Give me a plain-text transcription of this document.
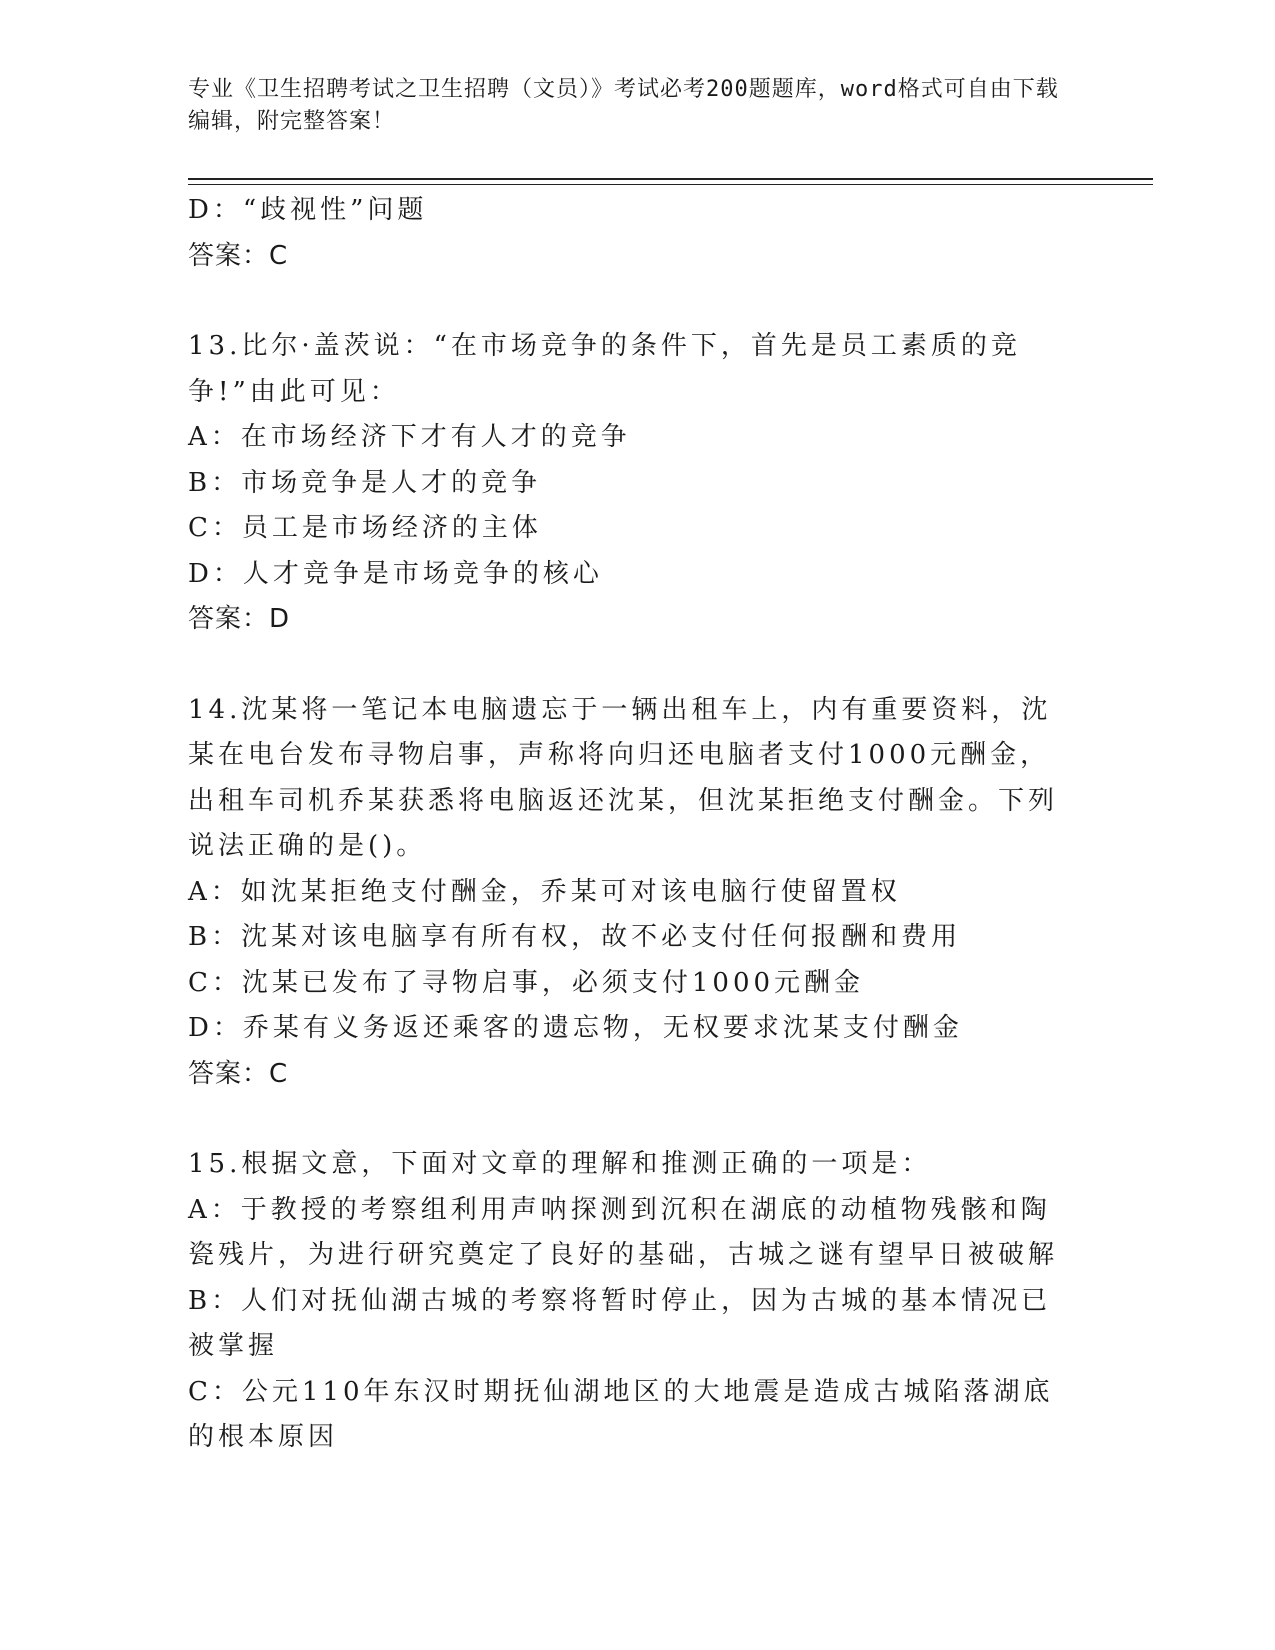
专业《卫生招聘考试之卫生招聘（文员）》考试必考200题题库，word格式可自由下载编辑，附完整答案！
D：“歧视性”问题
答案：C
13.比尔·盖茨说：“在市场竞争的条件下，首先是员工素质的竞争!”由此可见：
A：在市场经济下才有人才的竞争
B：市场竞争是人才的竞争
C：员工是市场经济的主体
D：人才竞争是市场竞争的核心
答案：D
14.沈某将一笔记本电脑遗忘于一辆出租车上，内有重要资料，沈某在电台发布寻物启事，声称将向归还电脑者支付1000元酬金，出租车司机乔某获悉将电脑返还沈某，但沈某拒绝支付酬金。下列说法正确的是()。
A：如沈某拒绝支付酬金，乔某可对该电脑行使留置权
B：沈某对该电脑享有所有权，故不必支付任何报酬和费用
C：沈某已发布了寻物启事，必须支付1000元酬金
D：乔某有义务返还乘客的遗忘物，无权要求沈某支付酬金
答案：C
15.根据文意，下面对文章的理解和推测正确的一项是：
A：于教授的考察组利用声呐探测到沉积在湖底的动植物残骸和陶瓷残片，为进行研究奠定了良好的基础，古城之谜有望早日被破解
B：人们对抚仙湖古城的考察将暂时停止，因为古城的基本情况已被掌握
C：公元110年东汉时期抚仙湖地区的大地震是造成古城陷落湖底的根本原因
